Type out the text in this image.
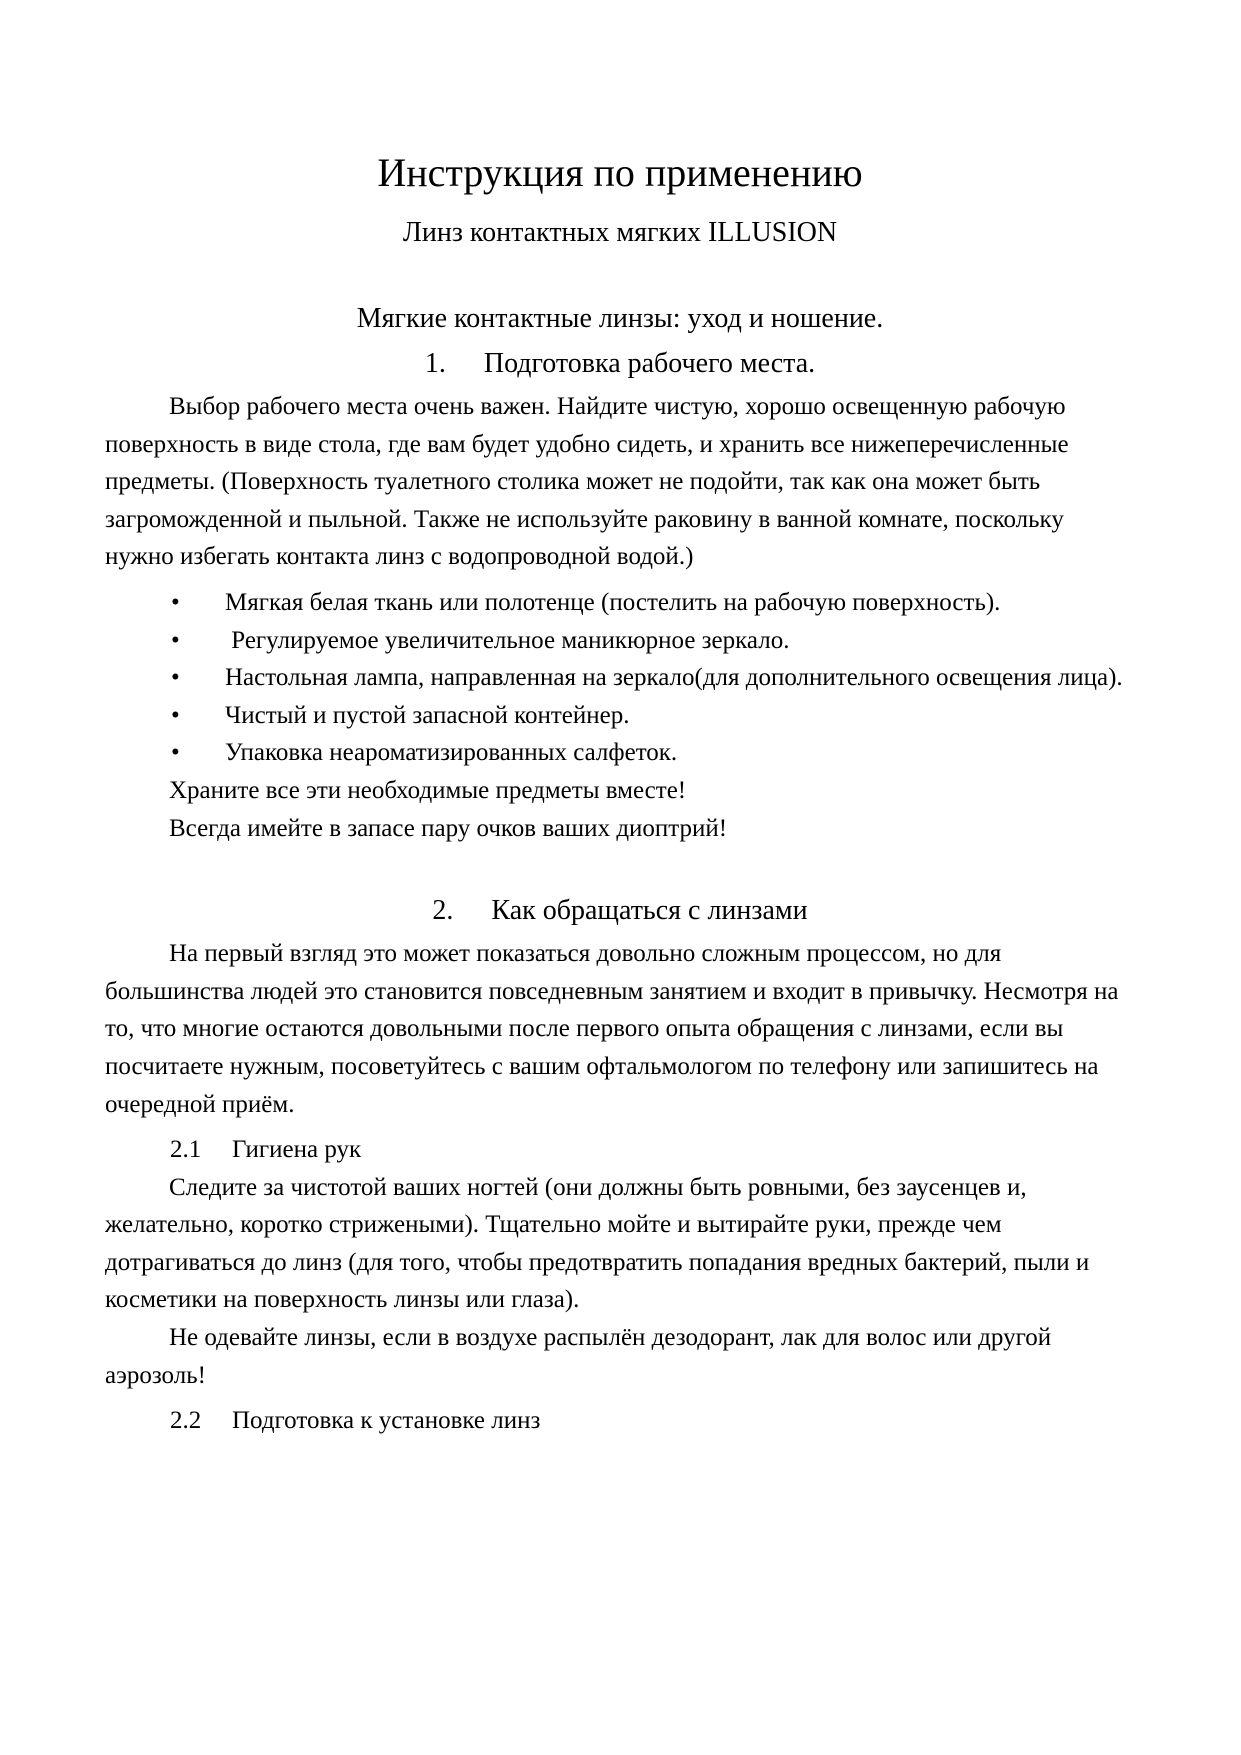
Инструкция по применению
Линз контактных мягких ILLUSION
Мягкие контактные линзы: уход и ношение.
1. Подготовка рабочего места.

Выбор рабочего места очень важен. Найдите чистую, хорошо освещенную рабочую поверхность в виде стола, где вам будет удобно сидеть, и хранить все нижеперечисленные предметы. (Поверхность туалетного столика может не подойти, так как она может быть загроможденной и пыльной. Также не используйте раковину в ванной комнате, поскольку нужно избегать контакта линз с водопроводной водой.)

• Мягкая белая ткань или полотенце (постелить на рабочую поверхность).
• Регулируемое увеличительное маникюрное зеркало.
• Настольная лампа, направленная на зеркало(для дополнительного освещения лица).
• Чистый и пустой запасной контейнер.
• Упаковка неароматизированных салфеток.

Храните все эти необходимые предметы вместе!

Всегда имейте в запасе пару очков ваших диоптрий!

2. Как обращаться с линзами

На первый взгляд это может показаться довольно сложным процессом, но для большинства людей это становится повседневным занятием и входит в привычку. Несмотря на то, что многие остаются довольными после первого опыта обращения с линзами, если вы посчитаете нужным, посоветуйтесь с вашим офтальмологом по телефону или запишитесь на очередной приём.

2.1 Гигиена рук

Следите за чистотой ваших ногтей (они должны быть ровными, без заусенцев и, желательно, коротко стрижеными). Тщательно мойте и вытирайте руки, прежде чем дотрагиваться до линз (для того, чтобы предотвратить попадания вредных бактерий, пыли и косметики на поверхность линзы или глаза).

Не одевайте линзы, если в воздухе распылён дезодорант, лак для волос или другой аэрозоль!

2.2 Подготовка к установке линз
